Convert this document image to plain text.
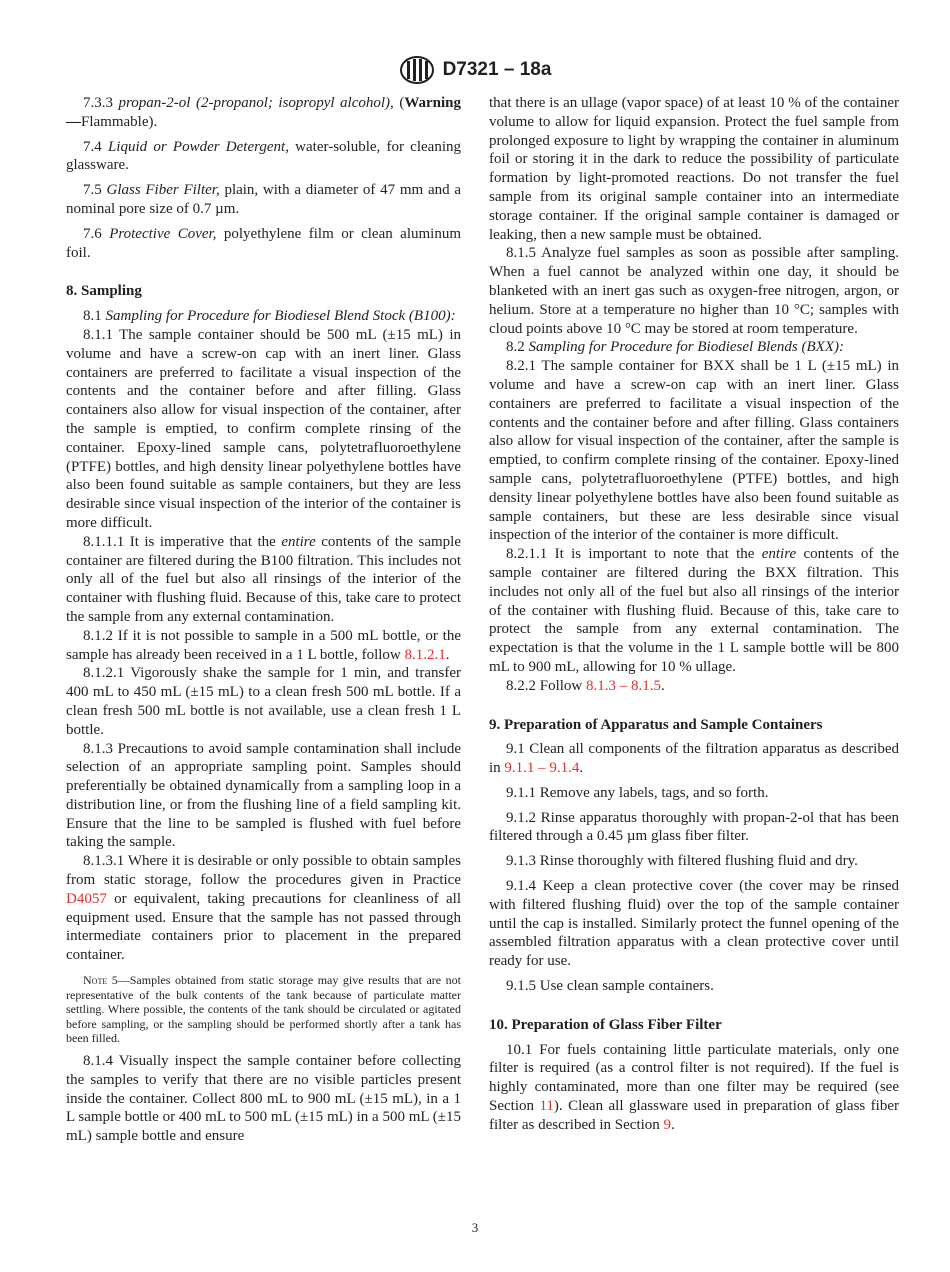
D7321 – 18a
7.3.3 propan-2-ol (2-propanol; isopropyl alcohol), (Warning—Flammable).
7.4 Liquid or Powder Detergent, water-soluble, for cleaning glassware.
7.5 Glass Fiber Filter, plain, with a diameter of 47 mm and a nominal pore size of 0.7 µm.
7.6 Protective Cover, polyethylene film or clean aluminum foil.
8. Sampling
8.1 Sampling for Procedure for Biodiesel Blend Stock (B100):
8.1.1 The sample container should be 500 mL (±15 mL) in volume and have a screw-on cap with an inert liner. Glass containers are preferred to facilitate a visual inspection of the contents and the container before and after filling. Glass containers also allow for visual inspection of the container, after the sample is emptied, to confirm complete rinsing of the container. Epoxy-lined sample cans, polytetrafluoroethylene (PTFE) bottles, and high density linear polyethylene bottles have also been found suitable as sample containers, but they are less desirable since visual inspection of the interior of the container is more difficult.
8.1.1.1 It is imperative that the entire contents of the sample container are filtered during the B100 filtration. This includes not only all of the fuel but also all rinsings of the interior of the container with flushing fluid. Because of this, take care to protect the sample from any external contamination.
8.1.2 If it is not possible to sample in a 500 mL bottle, or the sample has already been received in a 1 L bottle, follow 8.1.2.1.
8.1.2.1 Vigorously shake the sample for 1 min, and transfer 400 mL to 450 mL (±15 mL) to a clean fresh 500 mL bottle. If a clean fresh 500 mL bottle is not available, use a clean fresh 1 L bottle.
8.1.3 Precautions to avoid sample contamination shall include selection of an appropriate sampling point. Samples should preferentially be obtained dynamically from a sampling loop in a distribution line, or from the flushing line of a field sampling kit. Ensure that the line to be sampled is flushed with fuel before taking the sample.
8.1.3.1 Where it is desirable or only possible to obtain samples from static storage, follow the procedures given in Practice D4057 or equivalent, taking precautions for cleanliness of all equipment used. Ensure that the sample has not passed through intermediate containers prior to placement in the prepared container.
Note 5—Samples obtained from static storage may give results that are not representative of the bulk contents of the tank because of particulate matter settling. Where possible, the contents of the tank should be circulated or agitated before sampling, or the sampling should be performed shortly after a tank has been filled.
8.1.4 Visually inspect the sample container before collecting the samples to verify that there are no visible particles present inside the container. Collect 800 mL to 900 mL (±15 mL), in a 1 L sample bottle or 400 mL to 500 mL (±15 mL) in a 500 mL (±15 mL) sample bottle and ensure
that there is an ullage (vapor space) of at least 10 % of the container volume to allow for liquid expansion. Protect the fuel sample from prolonged exposure to light by wrapping the container in aluminum foil or storing it in the dark to reduce the possibility of particulate formation by light-promoted reactions. Do not transfer the fuel sample from its original sample container into an intermediate storage container. If the original sample container is damaged or leaking, then a new sample must be obtained.
8.1.5 Analyze fuel samples as soon as possible after sampling. When a fuel cannot be analyzed within one day, it should be blanketed with an inert gas such as oxygen-free nitrogen, argon, or helium. Store at a temperature no higher than 10 °C; samples with cloud points above 10 °C may be stored at room temperature.
8.2 Sampling for Procedure for Biodiesel Blends (BXX):
8.2.1 The sample container for BXX shall be 1 L (±15 mL) in volume and have a screw-on cap with an inert liner. Glass containers are preferred to facilitate a visual inspection of the contents and the container before and after filling. Glass containers also allow for visual inspection of the container, after the sample is emptied, to confirm complete rinsing of the container. Epoxy-lined sample cans, polytetrafluoroethylene (PTFE) bottles, and high density linear polyethylene bottles have also been found suitable as sample containers, but these are less desirable since visual inspection of the interior of the container is more difficult.
8.2.1.1 It is important to note that the entire contents of the sample container are filtered during the BXX filtration. This includes not only all of the fuel but also all rinsings of the interior of the container with flushing fluid. Because of this, take care to protect the sample from any external contamination. The expectation is that the volume in the 1 L sample bottle will be 800 mL to 900 mL, allowing for 10 % ullage.
8.2.2 Follow 8.1.3 – 8.1.5.
9. Preparation of Apparatus and Sample Containers
9.1 Clean all components of the filtration apparatus as described in 9.1.1 – 9.1.4.
9.1.1 Remove any labels, tags, and so forth.
9.1.2 Rinse apparatus thoroughly with propan-2-ol that has been filtered through a 0.45 µm glass fiber filter.
9.1.3 Rinse thoroughly with filtered flushing fluid and dry.
9.1.4 Keep a clean protective cover (the cover may be rinsed with filtered flushing fluid) over the top of the sample container until the cap is installed. Similarly protect the funnel opening of the assembled filtration apparatus with a clean protective cover until ready for use.
9.1.5 Use clean sample containers.
10. Preparation of Glass Fiber Filter
10.1 For fuels containing little particulate materials, only one filter is required (as a control filter is not required). If the fuel is highly contaminated, more than one filter may be required (see Section 11). Clean all glassware used in preparation of glass fiber filter as described in Section 9.
3
